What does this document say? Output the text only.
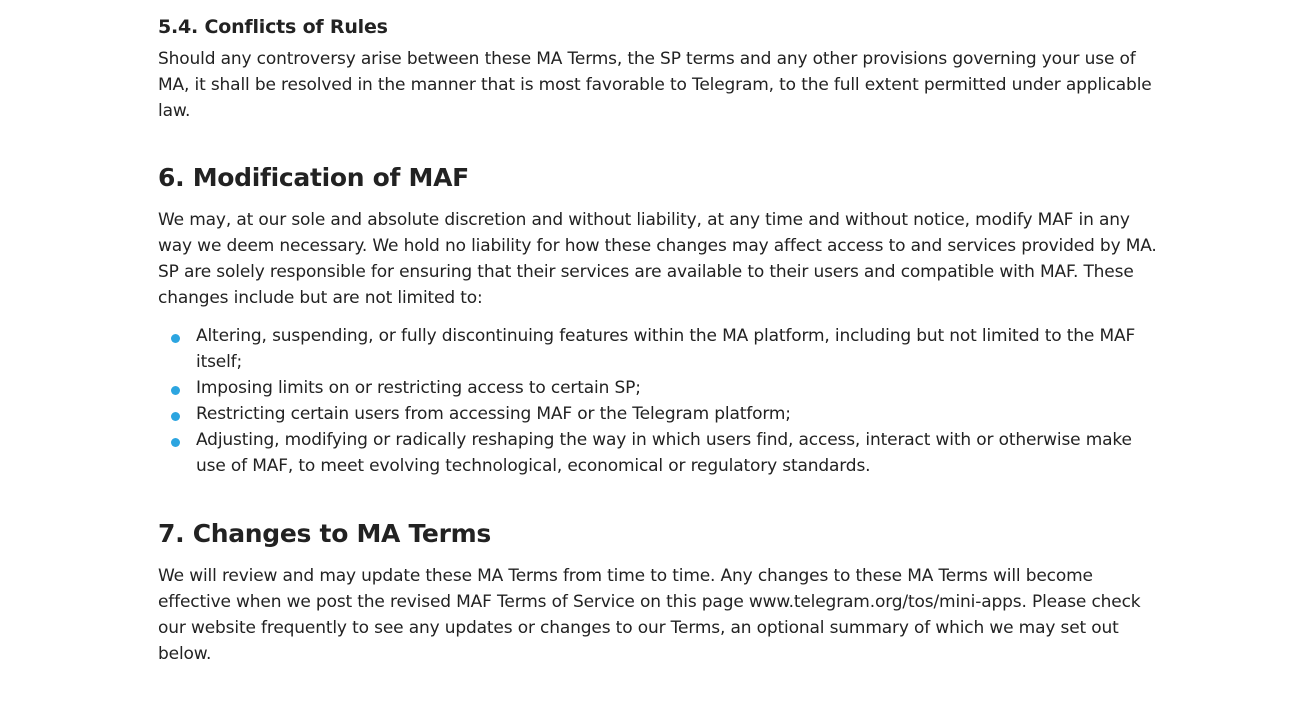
5.4. Conflicts of Rules

Should any controversy arise between these MA Terms, the SP terms and any other provisions governing your use of MA, it shall be resolved in the manner that is most favorable to Telegram, to the full extent permitted under applicable law.

6. Modification of MAF

We may, at our sole and absolute discretion and without liability, at any time and without notice, modify MAF in any way we deem necessary. We hold no liability for how these changes may affect access to and services provided by MA. SP are solely responsible for ensuring that their services are available to their users and compatible with MAF. These changes include but are not limited to:

Altering, suspending, or fully discontinuing features within the MA platform, including but not limited to the MAF itself;
Imposing limits on or restricting access to certain SP;
Restricting certain users from accessing MAF or the Telegram platform;
Adjusting, modifying or radically reshaping the way in which users find, access, interact with or otherwise make use of MAF, to meet evolving technological, economical or regulatory standards.
7. Changes to MA Terms

We will review and may update these MA Terms from time to time. Any changes to these MA Terms will become effective when we post the revised MAF Terms of Service on this page www.telegram.org/tos/mini-apps. Please check our website frequently to see any updates or changes to our Terms, an optional summary of which we may set out below.
